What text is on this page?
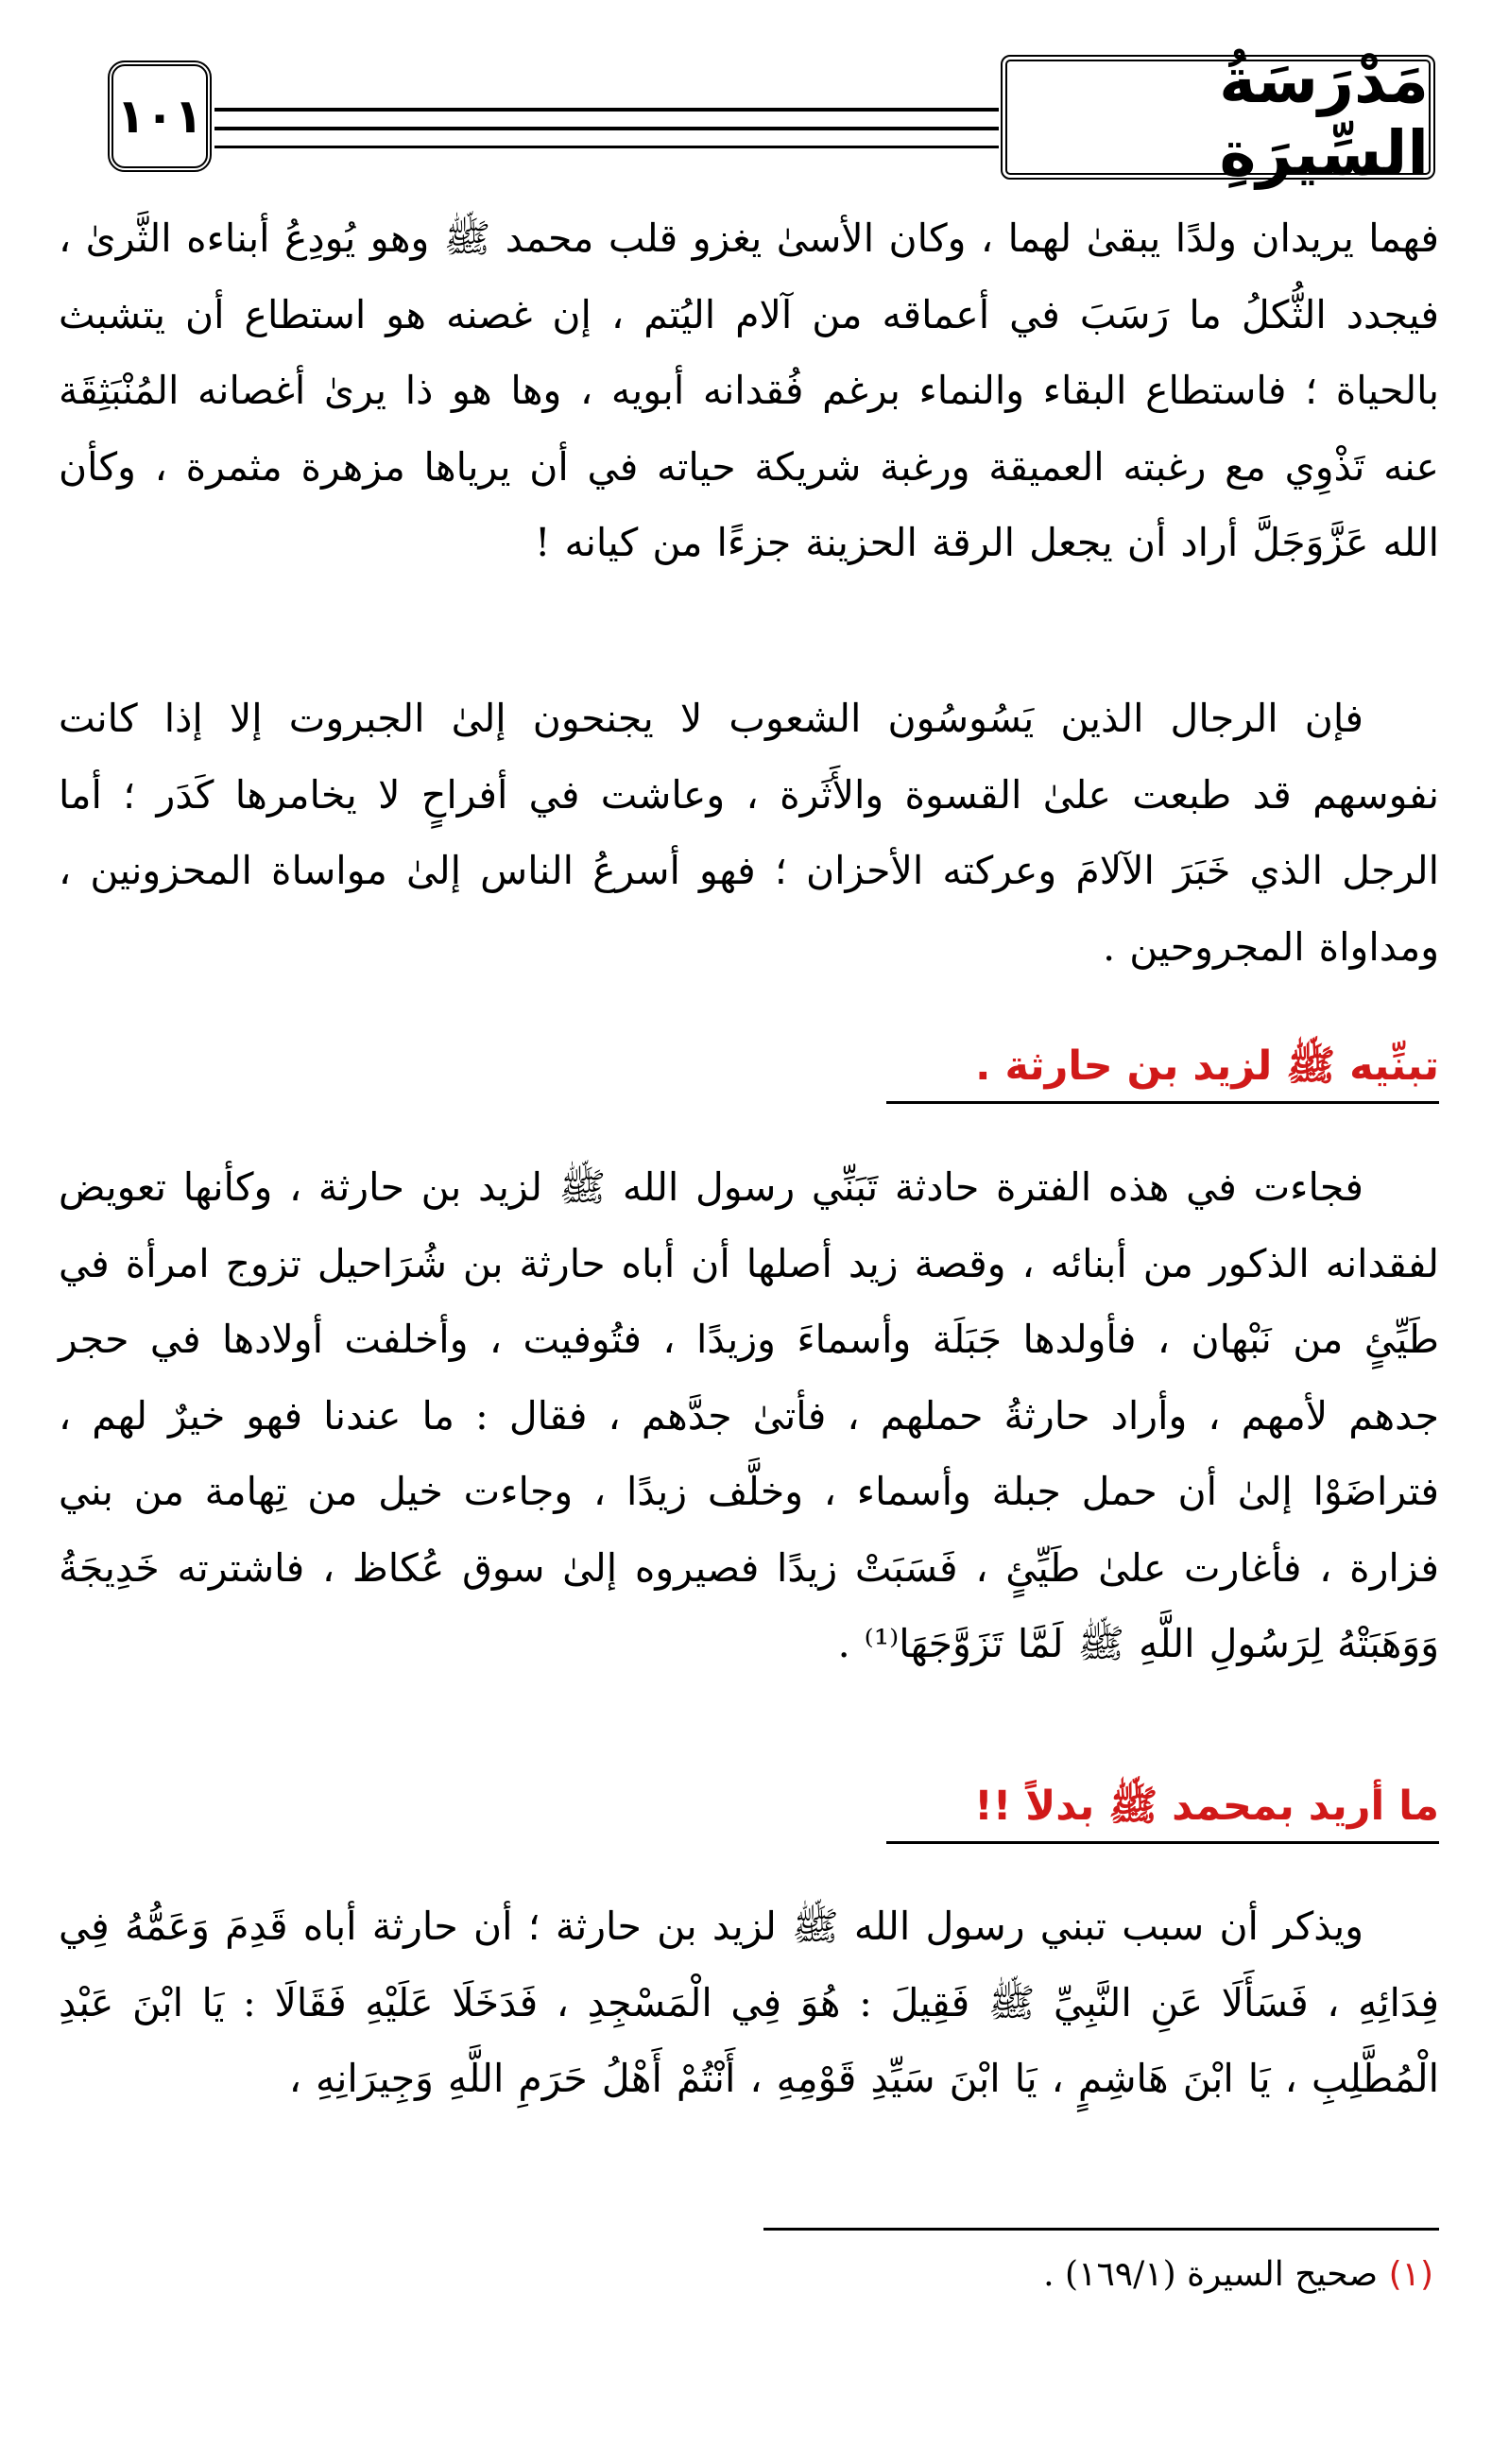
١٠١	مَدْرَسَةُ السِّيرَةِ

فهما يريدان ولدًا يبقىٰ لهما ، وكان الأسىٰ يغزو قلب محمد ﷺ وهو يُودِعُ أبناءه الثَّرىٰ ، فيجدد الثُّكلُ ما رَسَبَ في أعماقه من آلام اليُتم ، إن غصنه هو استطاع أن يتشبث بالحياة ؛ فاستطاع البقاء والنماء برغم فُقدانه أبويه ، وها هو ذا يرىٰ أغصانه المُنْبَثِقَة عنه تَذْوِي مع رغبته العميقة ورغبة شريكة حياته في أن يرياها مزهرة مثمرة ، وكأن الله عَزَّوَجَلَّ أراد أن يجعل الرقة الحزينة جزءًا من كيانه !

فإن الرجال الذين يَسُوسُون الشعوب لا يجنحون إلىٰ الجبروت إلا إذا كانت نفوسهم قد طبعت علىٰ القسوة والأَثَرة ، وعاشت في أفراحٍ لا يخامرها كَدَر ؛ أما الرجل الذي خَبَرَ الآلامَ وعركته الأحزان ؛ فهو أسرعُ الناس إلىٰ مواساة المحزونين ، ومداواة المجروحين .

تبنِّيه ﷺ لزيد بن حارثة .

فجاءت في هذه الفترة حادثة تَبَنِّي رسول الله ﷺ لزيد بن حارثة ، وكأنها تعويض لفقدانه الذكور من أبنائه ، وقصة زيد أصلها أن أباه حارثة بن شُرَاحيل تزوج امرأة في طَيِّئٍ من نَبْهان ، فأولدها جَبَلَة وأسماءَ وزيدًا ، فتُوفيت ، وأخلفت أولادها في حجر جدهم لأمهم ، وأراد حارثةُ حملهم ، فأتىٰ جدَّهم ، فقال : ما عندنا فهو خيرٌ لهم ، فتراضَوْا إلىٰ أن حمل جبلة وأسماء ، وخلَّف زيدًا ، وجاءت خيل من تِهامة من بني فزارة ، فأغارت علىٰ طَيِّئٍ ، فَسَبَتْ زيدًا فصيروه إلىٰ سوق عُكاظ ، فاشترته خَدِيجَةُ وَوَهَبَتْهُ لِرَسُولِ اللَّهِ ﷺ لَمَّا تَزَوَّجَهَا⁽¹⁾ .

ما أريد بمحمد ﷺ بدلاً !!

ويذكر أن سبب تبني رسول الله ﷺ لزيد بن حارثة ؛ أن حارثة أباه قَدِمَ وَعَمُّهُ فِي فِدَائِهِ ، فَسَأَلَا عَنِ النَّبِيِّ ﷺ فَقِيلَ : هُوَ فِي الْمَسْجِدِ ، فَدَخَلَا عَلَيْهِ فَقَالَا : يَا ابْنَ عَبْدِ الْمُطَّلِبِ ، يَا ابْنَ هَاشِمٍ ، يَا ابْنَ سَيِّدِ قَوْمِهِ ، أَنْتُمْ أَهْلُ حَرَمِ اللَّهِ وَجِيرَانِهِ ،

(١) صحيح السيرة (١٦٩/١) .
